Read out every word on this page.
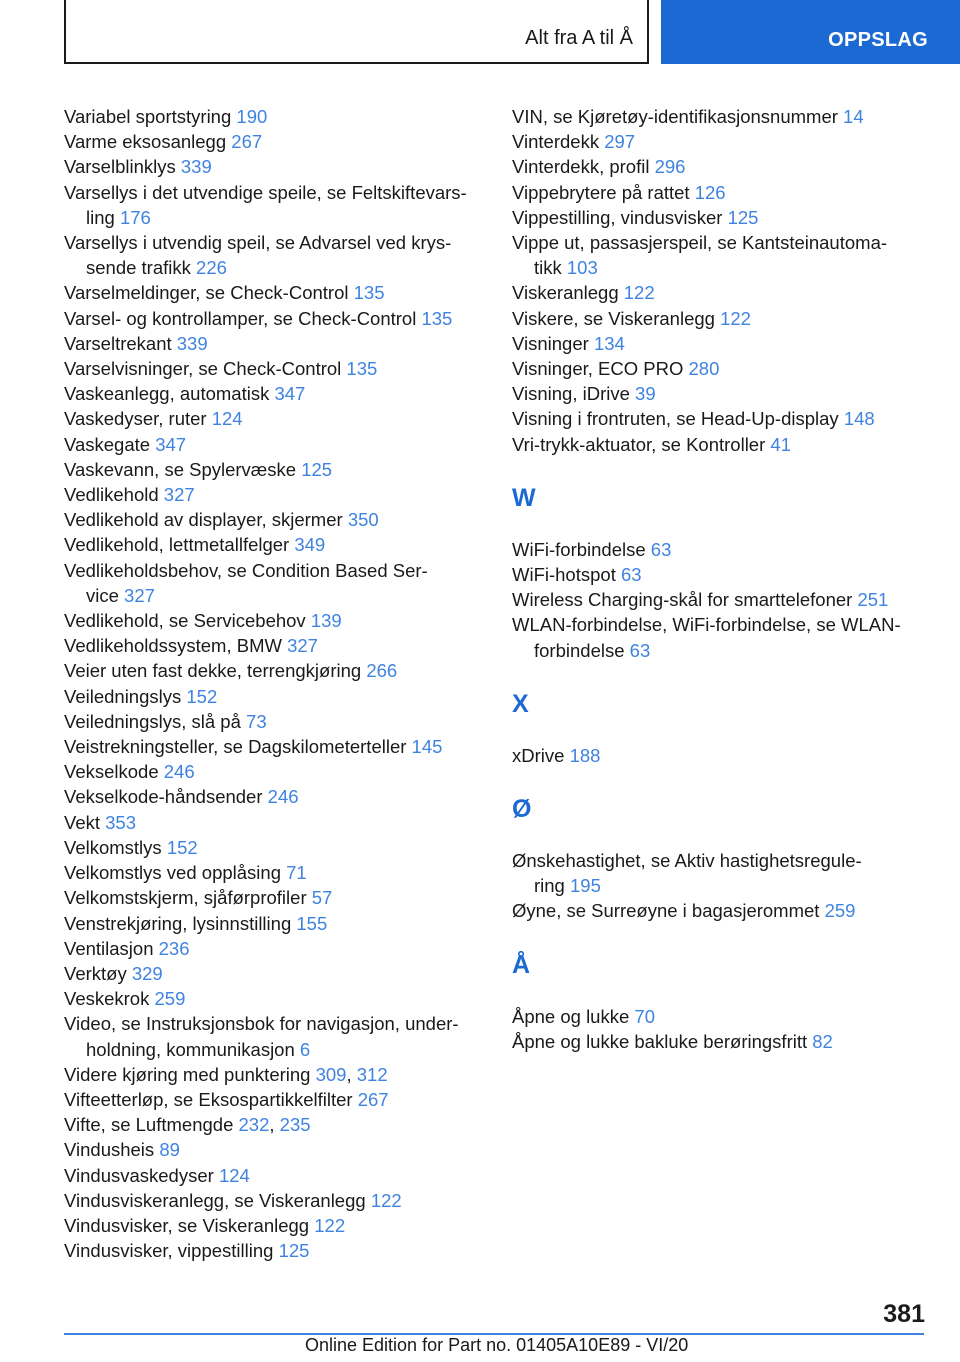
Alt fra A til Å	OPPSLAG
Variabel sportstyring 190
Varme eksosanlegg 267
Varselblinklys 339
Varsellys i det utvendige speile, se Feltskiftevars-
ling 176
Varsellys i utvendig speil, se Advarsel ved krys-
sende trafikk 226
Varselmeldinger, se Check-Control 135
Varsel- og kontrollamper, se Check-Control 135
Varseltrekant 339
Varselvisninger, se Check-Control 135
Vaskeanlegg, automatisk 347
Vaskedyser, ruter 124
Vaskegate 347
Vaskevann, se Spylervæske 125
Vedlikehold 327
Vedlikehold av displayer, skjermer 350
Vedlikehold, lettmetallfelger 349
Vedlikeholdsbehov, se Condition Based Ser-
vice 327
Vedlikehold, se Servicebehov 139
Vedlikeholdssystem, BMW 327
Veier uten fast dekke, terrengkjøring 266
Veiledningslys 152
Veiledningslys, slå på 73
Veistrekningsteller, se Dagskilometerteller 145
Vekselkode 246
Vekselkode-håndsender 246
Vekt 353
Velkomstlys 152
Velkomstlys ved opplåsing 71
Velkomstskjerm, sjåførprofiler 57
Venstrekjøring, lysinnstilling 155
Ventilasjon 236
Verktøy 329
Veskekrok 259
Video, se Instruksjonsbok for navigasjon, under-
holdning, kommunikasjon 6
Videre kjøring med punktering 309, 312
Vifteetterløp, se Eksospartikkelfilter 267
Vifte, se Luftmengde 232, 235
Vindusheis 89
Vindusvaskedyser 124
Vindusviskeranlegg, se Viskeranlegg 122
Vindusvisker, se Viskeranlegg 122
Vindusvisker, vippestilling 125
VIN, se Kjøretøy-identifikasjonsnummer 14
Vinterdekk 297
Vinterdekk, profil 296
Vippebrytere på rattet 126
Vippestilling, vindusvisker 125
Vippe ut, passasjerspeil, se Kantsteinautoma-
tikk 103
Viskeranlegg 122
Viskere, se Viskeranlegg 122
Visninger 134
Visninger, ECO PRO 280
Visning, iDrive 39
Visning i frontruten, se Head-Up-display 148
Vri-trykk-aktuator, se Kontroller 41
W
WiFi-forbindelse 63
WiFi-hotspot 63
Wireless Charging-skål for smarttelefoner 251
WLAN-forbindelse, WiFi-forbindelse, se WLAN-
forbindelse 63
X
xDrive 188
Ø
Ønskehastighet, se Aktiv hastighetsregule-
ring 195
Øyne, se Surreøyne i bagasjerommet 259
Å
Åpne og lukke 70
Åpne og lukke bakluke berøringsfritt 82
381
Online Edition for Part no. 01405A10E89 - VI/20
